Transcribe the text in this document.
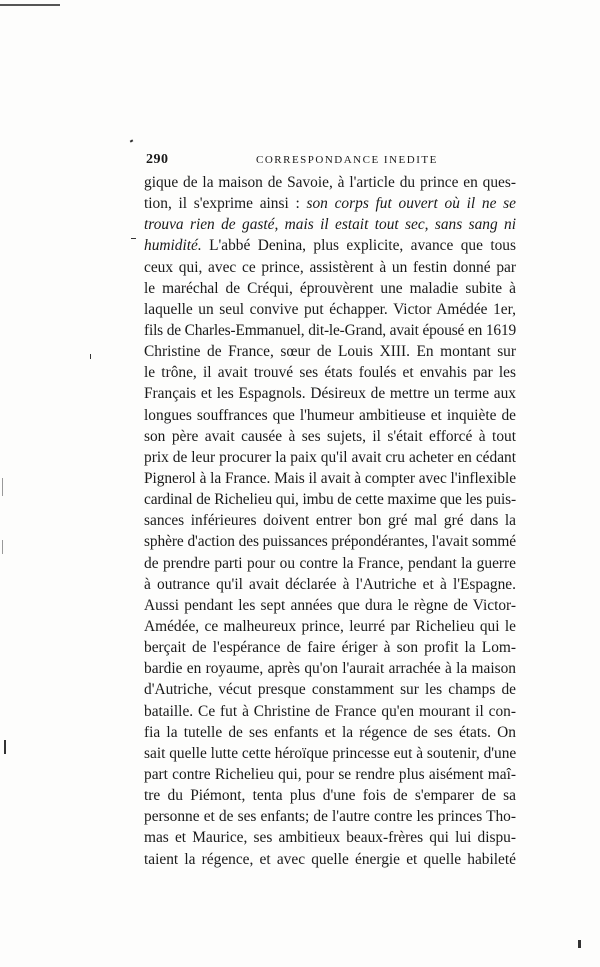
290	CORRESPONDANCE INEDITE
gique de la maison de Savoie, à l'article du prince en ques-
tion, il s'exprime ainsi : son corps fut ouvert où il ne se
trouva rien de gasté, mais il estait tout sec, sans sang ni
humidité. L'abbé Denina, plus explicite, avance que tous
ceux qui, avec ce prince, assistèrent à un festin donné par
le maréchal de Créqui, éprouvèrent une maladie subite à
laquelle un seul convive put échapper. Victor Amédée 1er,
fils de Charles-Emmanuel, dit-le-Grand, avait épousé en 1619
Christine de France, sœur de Louis XIII. En montant sur
le trône, il avait trouvé ses états foulés et envahis par les
Français et les Espagnols. Désireux de mettre un terme aux
longues souffrances que l'humeur ambitieuse et inquiète de
son père avait causée à ses sujets, il s'était efforcé à tout
prix de leur procurer la paix qu'il avait cru acheter en cédant
Pignerol à la France. Mais il avait à compter avec l'inflexible
cardinal de Richelieu qui, imbu de cette maxime que les puis-
sances inférieures doivent entrer bon gré mal gré dans la
sphère d'action des puissances prépondérantes, l'avait sommé
de prendre parti pour ou contre la France, pendant la guerre
à outrance qu'il avait déclarée à l'Autriche et à l'Espagne.
Aussi pendant les sept années que dura le règne de Victor-
Amédée, ce malheureux prince, leurré par Richelieu qui le
berçait de l'espérance de faire ériger à son profit la Lom-
bardie en royaume, après qu'on l'aurait arrachée à la maison
d'Autriche, vécut presque constamment sur les champs de
bataille. Ce fut à Christine de France qu'en mourant il con-
fia la tutelle de ses enfants et la régence de ses états. On
sait quelle lutte cette héroïque princesse eut à soutenir, d'une
part contre Richelieu qui, pour se rendre plus aisément maî-
tre du Piémont, tenta plus d'une fois de s'emparer de sa
personne et de ses enfants; de l'autre contre les princes Tho-
mas et Maurice, ses ambitieux beaux-frères qui lui dispu-
taient la régence, et avec quelle énergie et quelle habileté
